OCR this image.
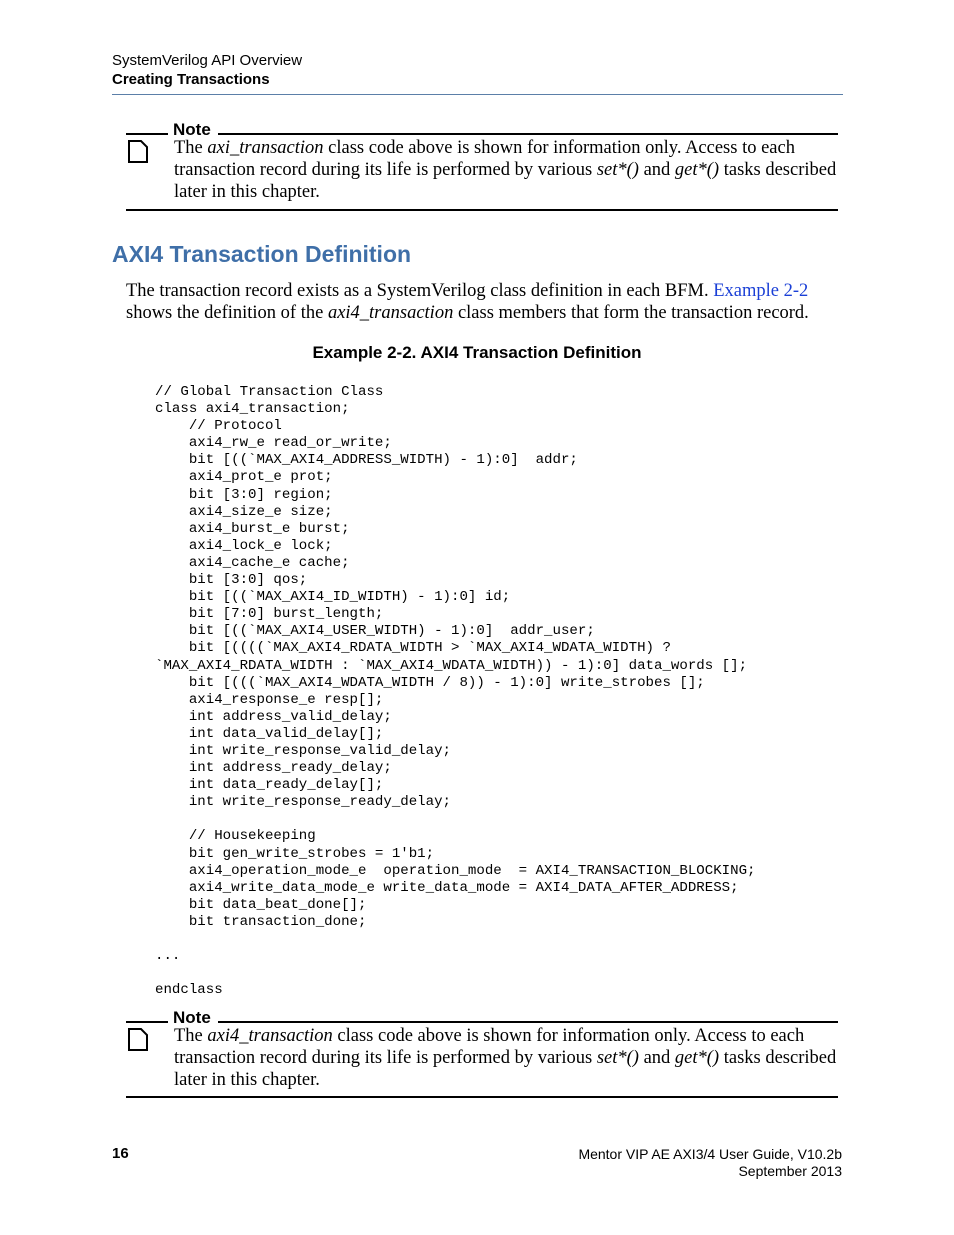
SystemVerilog API Overview
Creating Transactions
Note
The axi_transaction class code above is shown for information only. Access to each transaction record during its life is performed by various set*() and get*() tasks described later in this chapter.
AXI4 Transaction Definition
The transaction record exists as a SystemVerilog class definition in each BFM. Example 2-2 shows the definition of the axi4_transaction class members that form the transaction record.
Example 2-2. AXI4 Transaction Definition
// Global Transaction Class
class axi4_transaction;
// Protocol
axi4_rw_e read_or_write;
bit [((`MAX_AXI4_ADDRESS_WIDTH) - 1):0]  addr;
axi4_prot_e prot;
bit [3:0] region;
axi4_size_e size;
axi4_burst_e burst;
axi4_lock_e lock;
axi4_cache_e cache;
bit [3:0] qos;
bit [((`MAX_AXI4_ID_WIDTH) - 1):0] id;
bit [7:0] burst_length;
bit [((`MAX_AXI4_USER_WIDTH) - 1):0]  addr_user;
bit [((((`MAX_AXI4_RDATA_WIDTH > `MAX_AXI4_WDATA_WIDTH) ?
`MAX_AXI4_RDATA_WIDTH : `MAX_AXI4_WDATA_WIDTH)) - 1):0] data_words [];
bit [(((`MAX_AXI4_WDATA_WIDTH / 8)) - 1):0] write_strobes [];
axi4_response_e resp[];
int address_valid_delay;
int data_valid_delay[];
int write_response_valid_delay;
int address_ready_delay;
int data_ready_delay[];
int write_response_ready_delay;

// Housekeeping
bit gen_write_strobes = 1'b1;
axi4_operation_mode_e  operation_mode  = AXI4_TRANSACTION_BLOCKING;
axi4_write_data_mode_e write_data_mode = AXI4_DATA_AFTER_ADDRESS;
bit data_beat_done[];
bit transaction_done;

...

endclass
Note
The axi4_transaction class code above is shown for information only. Access to each transaction record during its life is performed by various set*() and get*() tasks described later in this chapter.
16	Mentor VIP AE AXI3/4 User Guide, V10.2b
September 2013
